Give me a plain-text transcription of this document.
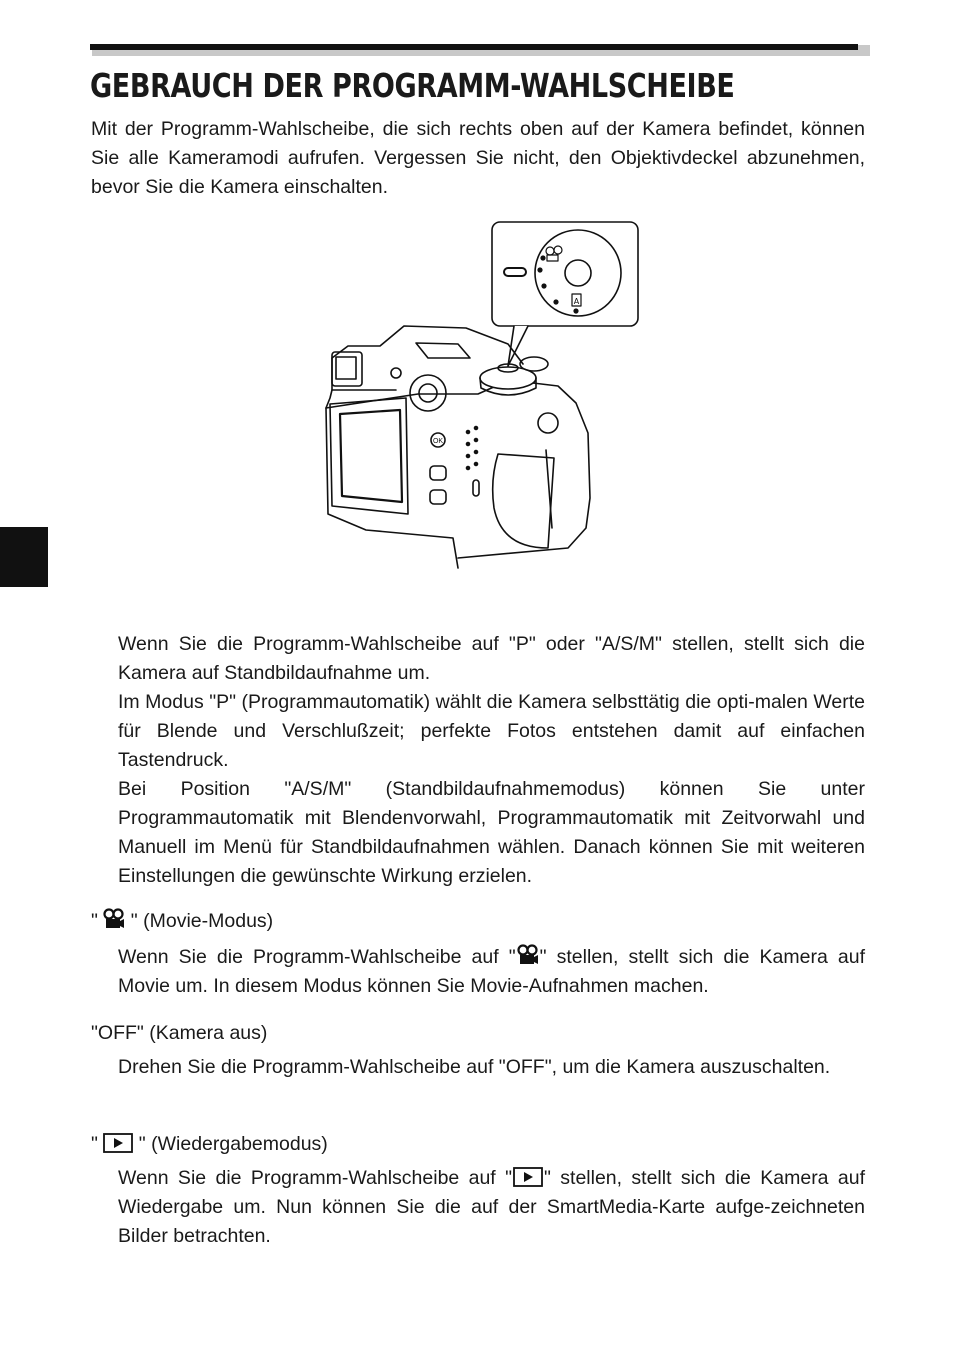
GEBRAUCH DER PROGRAMM-WAHLSCHEIBE

Mit der Programm-Wahlscheibe, die sich rechts oben auf der Kamera befindet, können Sie alle Kameramodi aufrufen. Vergessen Sie nicht, den Objektivdeckel abzunehmen, bevor Sie die Kamera einschalten.

A
OK

Wenn Sie die Programm-Wahlscheibe auf "P" oder "A/S/M" stellen, stellt sich die Kamera auf Standbildaufnahme um.

Im Modus "P" (Programmautomatik) wählt die Kamera selbsttätig die opti-malen Werte für Blende und Verschlußzeit; perfekte Fotos entstehen damit auf einfachen Tastendruck.

Bei Position "A/S/M" (Standbildaufnahmemodus) können Sie unter Programmautomatik mit Blendenvorwahl, Programmautomatik mit Zeitvorwahl und Manuell im Menü für Standbildaufnahmen wählen. Danach können Sie mit weiteren Einstellungen die gewünschte Wirkung erzielen.

" " (Movie-Modus)

Wenn Sie die Programm-Wahlscheibe auf " " stellen, stellt sich die Kamera auf Movie um. In diesem Modus können Sie Movie-Aufnahmen machen.

"OFF" (Kamera aus)

Drehen Sie die Programm-Wahlscheibe auf "OFF", um die Kamera auszuschalten.

" " (Wiedergabemodus)

Wenn Sie die Programm-Wahlscheibe auf " " stellen, stellt sich die Kamera auf Wiedergabe um. Nun können Sie die auf der SmartMedia-Karte aufge-zeichneten Bilder betrachten.
